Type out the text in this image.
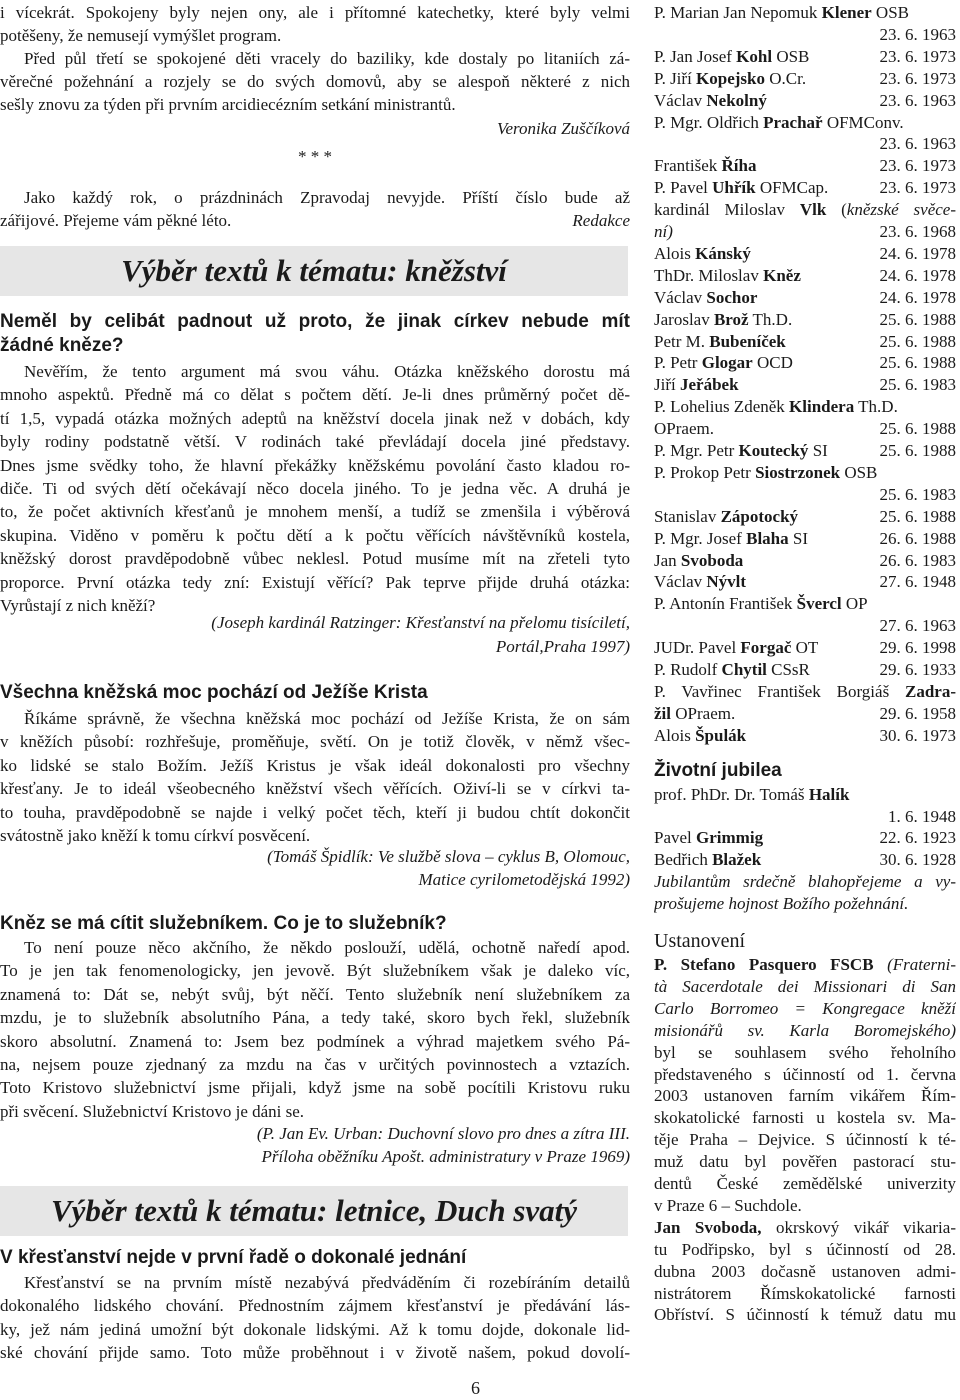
i vícekrát. Spokojeny byly nejen ony, ale i přítomné katechetky, které byly velmi
potěšeny, že nemusejí vymýšlet program.
Před půl třetí se spokojené děti vracely do baziliky, kde dostaly po litaniích zá-
věrečné požehnání a rozjely se do svých domovů, aby se alespoň některé z nich
sešly znovu za týden při prvním arcidiecézním setkání ministrantů.
Veronika Zuščíková
* * *
Jako každý rok, o prázdninách Zpravodaj nevyjde. Příští číslo bude až
zářijové. Přejeme vám pěkné léto.	Redakce
Výběr textů k tématu: kněžství
Neměl by celibát padnout už proto, že jinak církev nebude mít
žádné kněze?
Nevěřím, že tento argument má svou váhu. Otázka kněžského dorostu má
mnoho aspektů. Předně má co dělat s počtem dětí. Je-li dnes průměrný počet dě-
tí 1,5, vypadá otázka možných adeptů na kněžství docela jinak než v dobách, kdy
byly rodiny podstatně větší. V rodinách také převládají docela jiné představy.
Dnes jsme svědky toho, že hlavní překážky kněžskému povolání často kladou ro-
diče. Ti od svých dětí očekávají něco docela jiného. To je jedna věc. A druhá je
to, že počet aktivních křesťanů je mnohem menší, a tudíž se zmenšila i výběrová
skupina. Viděno v poměru k počtu dětí a k počtu věřících návštěvníků kostela,
kněžský dorost pravděpodobně vůbec neklesl. Potud musíme mít na zřeteli tyto
proporce. První otázka tedy zní: Existují věřící? Pak teprve přijde druhá otázka:
Vyrůstají z nich kněží?
(Joseph kardinál Ratzinger: Křesťanství na přelomu tisíciletí,
Portál,Praha 1997)
Všechna kněžská moc pochází od Ježíše Krista
Říkáme správně, že všechna kněžská moc pochází od Ježíše Krista, že on sám
v kněžích působí: rozhřešuje, proměňuje, světí. On je totiž člověk, v němž všec-
ko lidské se stalo Božím. Ježíš Kristus je však ideál dokonalosti pro všechny
křesťany. Je to ideál všeobecného kněžství všech věřících. Oživí-li se v církvi ta-
to touha, pravděpodobně se najde i velký počet těch, kteří ji budou chtít dokončit
svátostně jako kněží k tomu církví posvěcení.
(Tomáš Špidlík: Ve službě slova – cyklus B, Olomouc,
Matice cyrilometodějská 1992)
Kněz se má cítit služebníkem. Co je to služebník?
To není pouze něco akčního, že někdo poslouží, udělá, ochotně naředí apod.
To je jen tak fenomenologicky, jen jevově. Být služebníkem však je daleko víc,
znamená to: Dát se, nebýt svůj, být něčí. Tento služebník není služebníkem za
mzdu, je to služebník absolutního Pána, a tedy také, skoro bych řekl, služebník
skoro absolutní. Znamená to: Jsem bez podmínek a výhrad majetkem svého Pá-
na, nejsem pouze zjednaný za mzdu na čas v určitých povinnostech a vztazích.
Toto Kristovo služebnictví jsme přijali, když jsme na sobě pocítili Kristovu ruku
při svěcení. Služebnictví Kristovo je dáni se.
(P. Jan Ev. Urban: Duchovní slovo pro dnes a zítra III.
Příloha oběžníku Apošt. administratury v Praze 1969)
Výběr textů k tématu: letnice, Duch svatý
V křesťanství nejde v první řadě o dokonalé jednání
Křesťanství se na prvním místě nezabývá předváděním či rozebíráním detailů
dokonalého lidského chování. Přednostním zájmem křesťanství je předávání lás-
ky, jež nám jediná umožní být dokonale lidskými. Až k tomu dojde, dokonale lid-
ské chování přijde samo. Toto může proběhnout i v životě našem, pokud dovolí-
P. Marian Jan Nepomuk Klener OSB
23. 6. 1963
P. Jan Josef Kohl OSB	23. 6. 1973
P. Jiří Kopejsko O.Cr.	23. 6. 1973
Václav Nekolný	23. 6. 1963
P. Mgr. Oldřich Prachař OFMConv.
23. 6. 1963
František Říha	23. 6. 1973
P. Pavel Uhřík OFMCap.	23. 6. 1973
kardinál Miloslav Vlk (knězské svěce-
ní)	23. 6. 1968
Alois Kánský	24. 6. 1978
ThDr. Miloslav Kněz	24. 6. 1978
Václav Sochor	24. 6. 1978
Jaroslav Brož Th.D.	25. 6. 1988
Petr M. Bubeníček	25. 6. 1988
P. Petr Glogar OCD	25. 6. 1988
Jiří Jeřábek	25. 6. 1983
P. Lohelius Zdeněk Klindera Th.D.
OPraem.	25. 6. 1988
P. Mgr. Petr Koutecký SI	25. 6. 1988
P. Prokop Petr Siostrzonek OSB
25. 6. 1983
Stanislav Zápotocký	25. 6. 1988
P. Mgr. Josef Blaha SI	26. 6. 1988
Jan Svoboda	26. 6. 1983
Václav Nývlt	27. 6. 1948
P. Antonín František Švercl OP
27. 6. 1963
JUDr. Pavel Forgač OT	29. 6. 1998
P. Rudolf Chytil CSsR	29. 6. 1933
P. Vavřinec František Borgiáš Zadra-
žil OPraem.	29. 6. 1958
Alois Špulák	30. 6. 1973
Životní jubilea
prof. PhDr. Dr. Tomáš Halík
1. 6. 1948
Pavel Grimmig	22. 6. 1923
Bedřich Blažek	30. 6. 1928
Jubilantům srdečně blahopřejeme a vy-
prošujeme hojnost Božího požehnání.
Ustanovení
P. Stefano Pasquero FSCB (Fraterni-
tà Sacerdotale dei Missionari di San
Carlo Borromeo = Kongregace kněží
misionářů sv. Karla Boromejského)
byl se souhlasem svého řeholního
představeného s účinností od 1. června
2003 ustanoven farním vikářem Řím-
skokatolické farnosti u kostela sv. Ma-
těje Praha – Dejvice. S účinností k té-
muž datu byl pověřen pastorací stu-
dentů České zemědělské univerzity
v Praze 6 – Suchdole.
Jan Svoboda, okrskový vikář vikaria-
tu Podřipsko, byl s účinností od 28.
dubna 2003 dočasně ustanoven admi-
nistrátorem Římskokatolické farnosti
Obříství. S účinností k témuž datu mu
6
